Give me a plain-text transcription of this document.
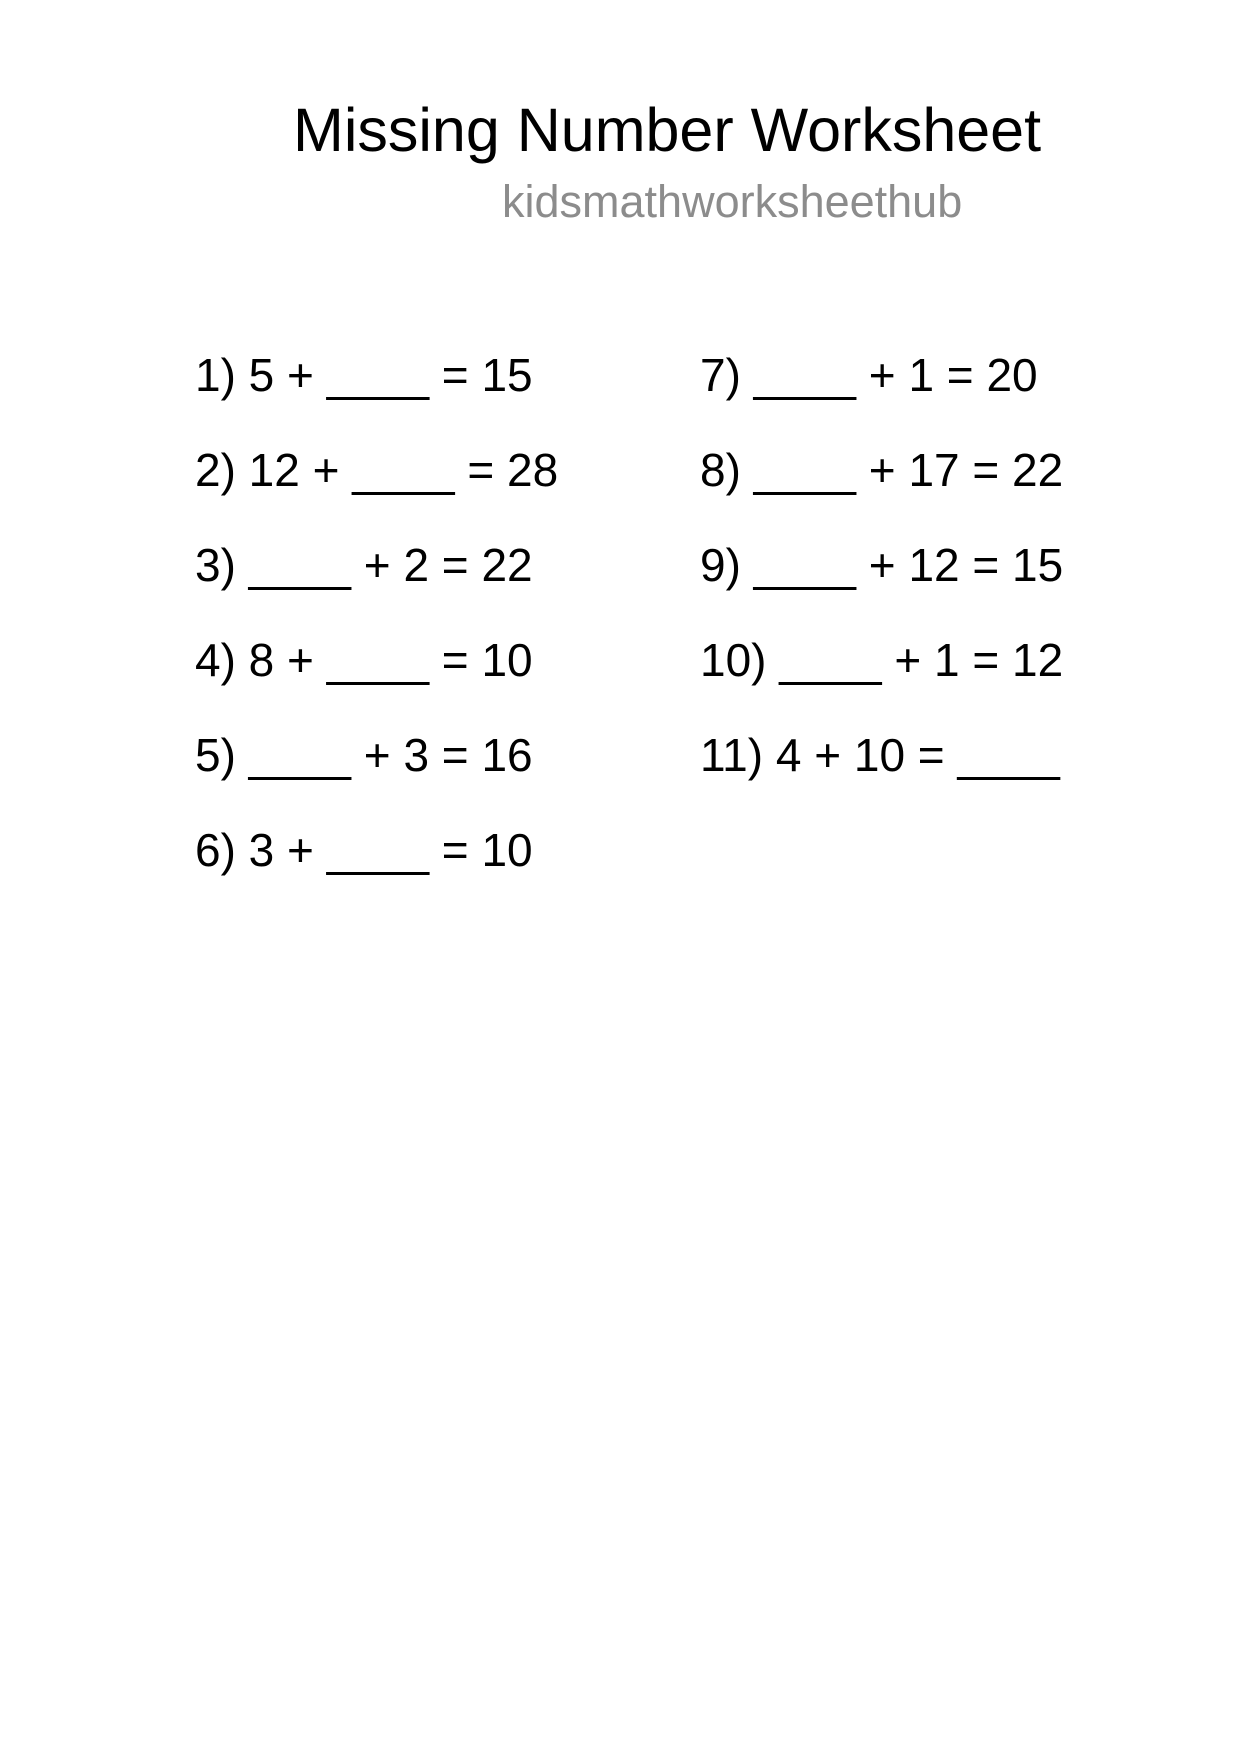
Missing Number Worksheet
kidsmathworksheethub
1) 5 + ____ = 15
2) 12 + ____ = 28
3) ____ + 2 = 22
4) 8 + ____ = 10
5) ____ + 3 = 16
6) 3 + ____ = 10
7) ____ + 1 = 20
8) ____ + 17 = 22
9) ____ + 12 = 15
10) ____ + 1 = 12
11) 4 + 10 = ____
